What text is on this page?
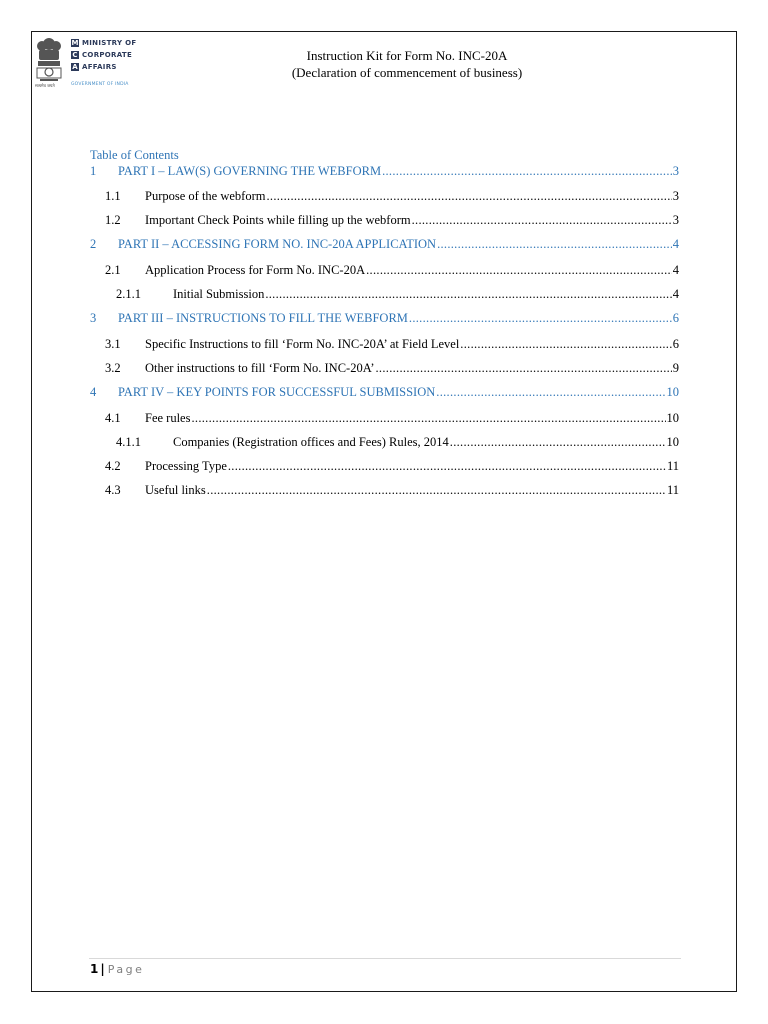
सत्यमेव जयते
M MINISTRY OF
C CORPORATE
A AFFAIRS
GOVERNMENT OF INDIA
Instruction Kit for Form No. INC-20A
(Declaration of commencement of business)
Table of Contents
1	PART I – LAW(S) GOVERNING THE WEBFORM .....	3
1.1	Purpose of the webform .....	3
1.2	Important Check Points while filling up the webform .....	3
2	PART II – ACCESSING FORM NO. INC-20A APPLICATION .....	4
2.1	Application Process for Form No. INC-20A .....	4
2.1.1	Initial Submission .....	4
3	PART III – INSTRUCTIONS TO FILL THE WEBFORM .....	6
3.1	Specific Instructions to fill ‘Form No. INC-20A’ at Field Level .....	6
3.2	Other instructions to fill ‘Form No. INC-20A’ .....	9
4	PART IV – KEY POINTS FOR SUCCESSFUL SUBMISSION .....	10
4.1	Fee rules .....	10
4.1.1	Companies (Registration offices and Fees) Rules, 2014 .....	10
4.2	Processing Type .....	11
4.3	Useful links .....	11
1 | Page
